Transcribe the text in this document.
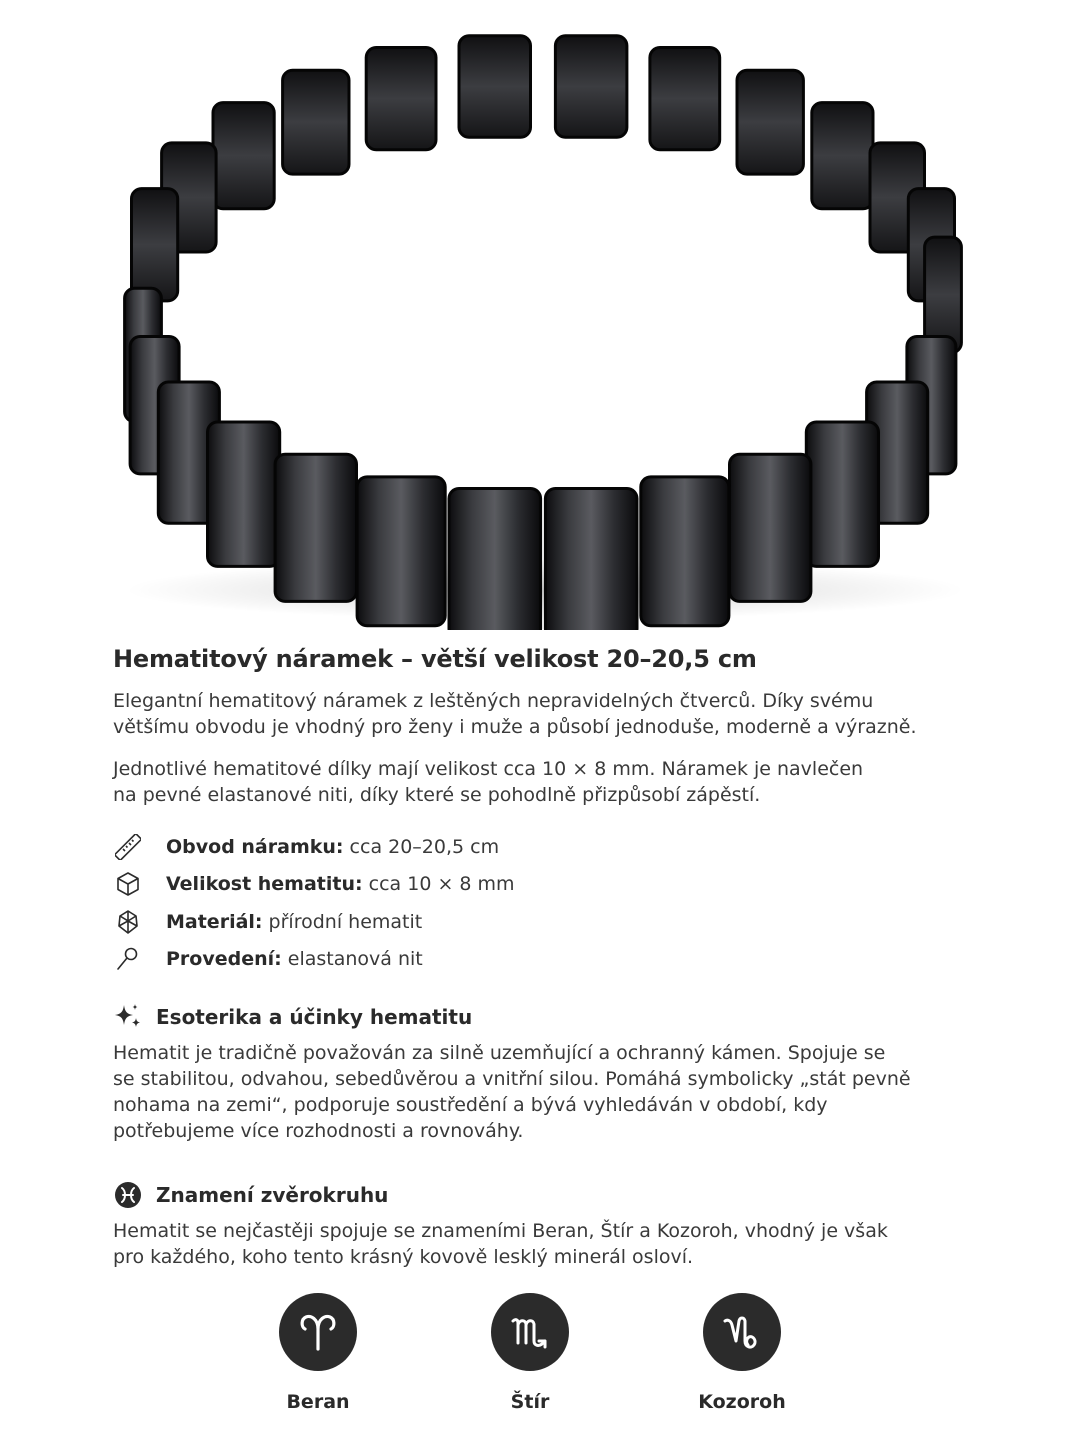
Hematitový náramek – větší velikost 20–20,5 cm

Elegantní hematitový náramek z leštěných nepravidelných čtverců. Díky svému
většímu obvodu je vhodný pro ženy i muže a působí jednoduše, moderně a výrazně.

Jednotlivé hematitové dílky mají velikost cca 10 × 8 mm. Náramek je navlečen
na pevné elastanové niti, díky které se pohodlně přizpůsobí zápěstí.

Obvod náramku: cca 20–20,5 cm
Velikost hematitu: cca 10 × 8 mm
Materiál: přírodní hematit
Provedení: elastanová nit
Esoterika a účinky hematitu

Hematit je tradičně považován za silně uzemňující a ochranný kámen. Spojuje se
se stabilitou, odvahou, sebedůvěrou a vnitřní silou. Pomáhá symbolicky „stát pevně
nohama na zemi“, podporuje soustředění a bývá vyhledáván v období, kdy
potřebujeme více rozhodnosti a rovnováhy.

Znamení zvěrokruhu

Hematit se nejčastěji spojuje se znameními Beran, Štír a Kozoroh, vhodný je však
pro každého, koho tento krásný kovově lesklý minerál osloví.

Beran	Štír	Kozoroh
